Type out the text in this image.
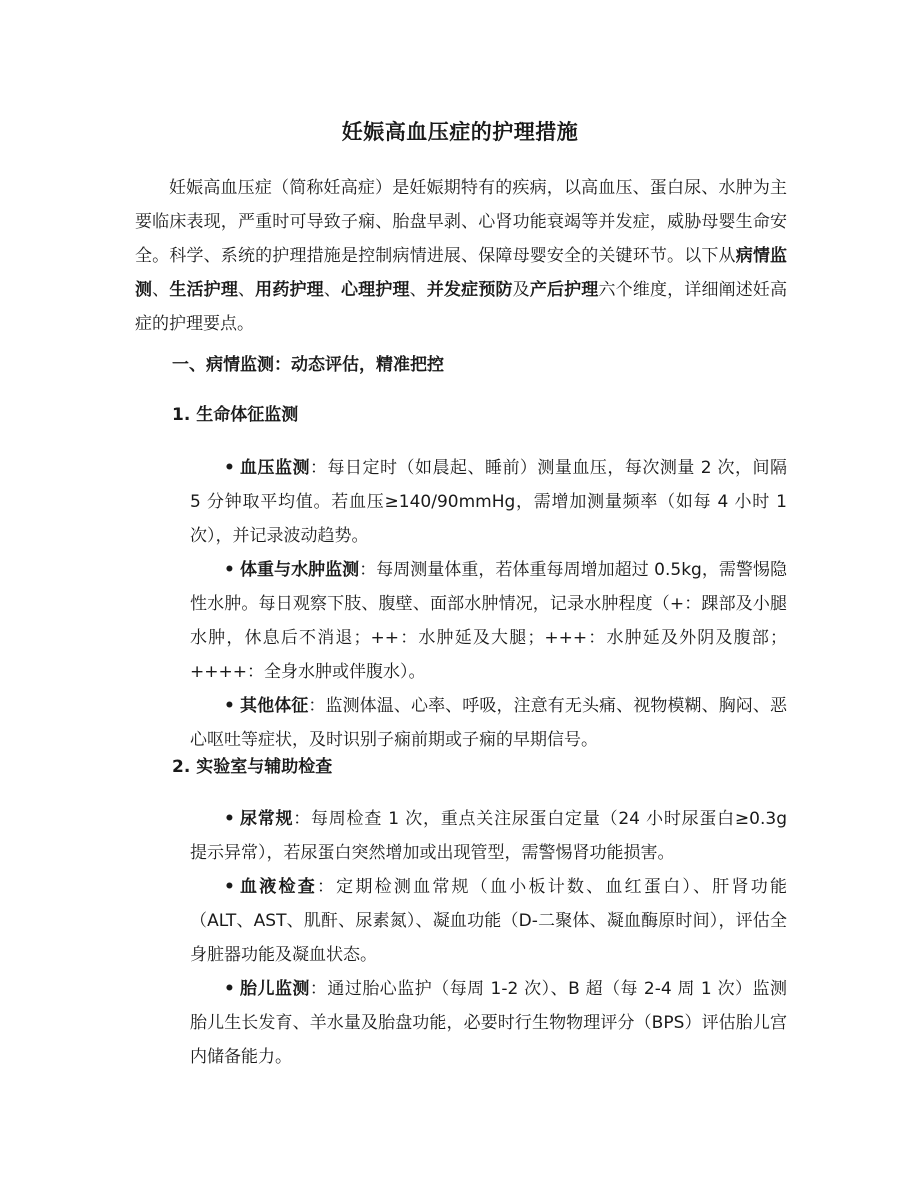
妊娠高血压症的护理措施

妊娠高血压症（简称妊高症）是妊娠期特有的疾病，以高血压、蛋白尿、水肿为主要临床表现，严重时可导致子痫、胎盘早剥、心肾功能衰竭等并发症，威胁母婴生命安全。科学、系统的护理措施是控制病情进展、保障母婴安全的关键环节。以下从病情监测、生活护理、用药护理、心理护理、并发症预防及产后护理六个维度，详细阐述妊高症的护理要点。

一、病情监测：动态评估，精准把控
1. 生命体征监测
• 血压监测：每日定时（如晨起、睡前）测量血压，每次测量 2 次，间隔 5 分钟取平均值。若血压≥140/90mmHg，需增加测量频率（如每 4 小时 1 次），并记录波动趋势。
• 体重与水肿监测：每周测量体重，若体重每周增加超过 0.5kg，需警惕隐性水肿。每日观察下肢、腹壁、面部水肿情况，记录水肿程度（+：踝部及小腿水肿，休息后不消退；++：水肿延及大腿；+++：水肿延及外阴及腹部；++++：全身水肿或伴腹水）。
• 其他体征：监测体温、心率、呼吸，注意有无头痛、视物模糊、胸闷、恶心呕吐等症状，及时识别子痫前期或子痫的早期信号。
2. 实验室与辅助检查
• 尿常规：每周检查 1 次，重点关注尿蛋白定量（24 小时尿蛋白≥0.3g 提示异常），若尿蛋白突然增加或出现管型，需警惕肾功能损害。
• 血液检查：定期检测血常规（血小板计数、血红蛋白）、肝肾功能（ALT、AST、肌酐、尿素氮）、凝血功能（D-二聚体、凝血酶原时间），评估全身脏器功能及凝血状态。
• 胎儿监测：通过胎心监护（每周 1-2 次）、B 超（每 2-4 周 1 次）监测胎儿生长发育、羊水量及胎盘功能，必要时行生物物理评分（BPS）评估胎儿宫内储备能力。
